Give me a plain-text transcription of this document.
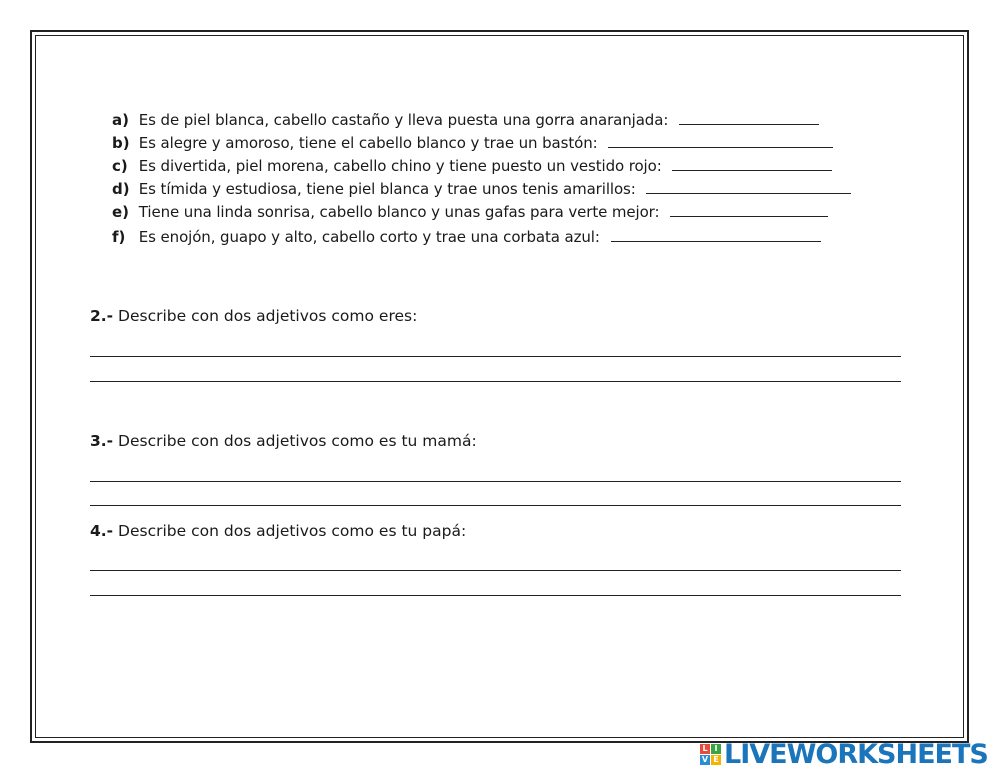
a) Es de piel blanca, cabello castaño y lleva puesta una gorra anaranjada:
b) Es alegre y amoroso, tiene el cabello blanco y trae un bastón:
c) Es divertida, piel morena, cabello chino y tiene puesto un vestido rojo:
d) Es tímida y estudiosa, tiene piel blanca y trae unos tenis amarillos:
e) Tiene una linda sonrisa, cabello blanco y unas gafas para verte mejor:
f) Es enojón, guapo y alto, cabello corto y trae una corbata azul:
2.- Describe con dos adjetivos como eres:
3.- Describe con dos adjetivos como es tu mamá:
4.- Describe con dos adjetivos como es tu papá:
L I
V E LIVEWORKSHEETS
